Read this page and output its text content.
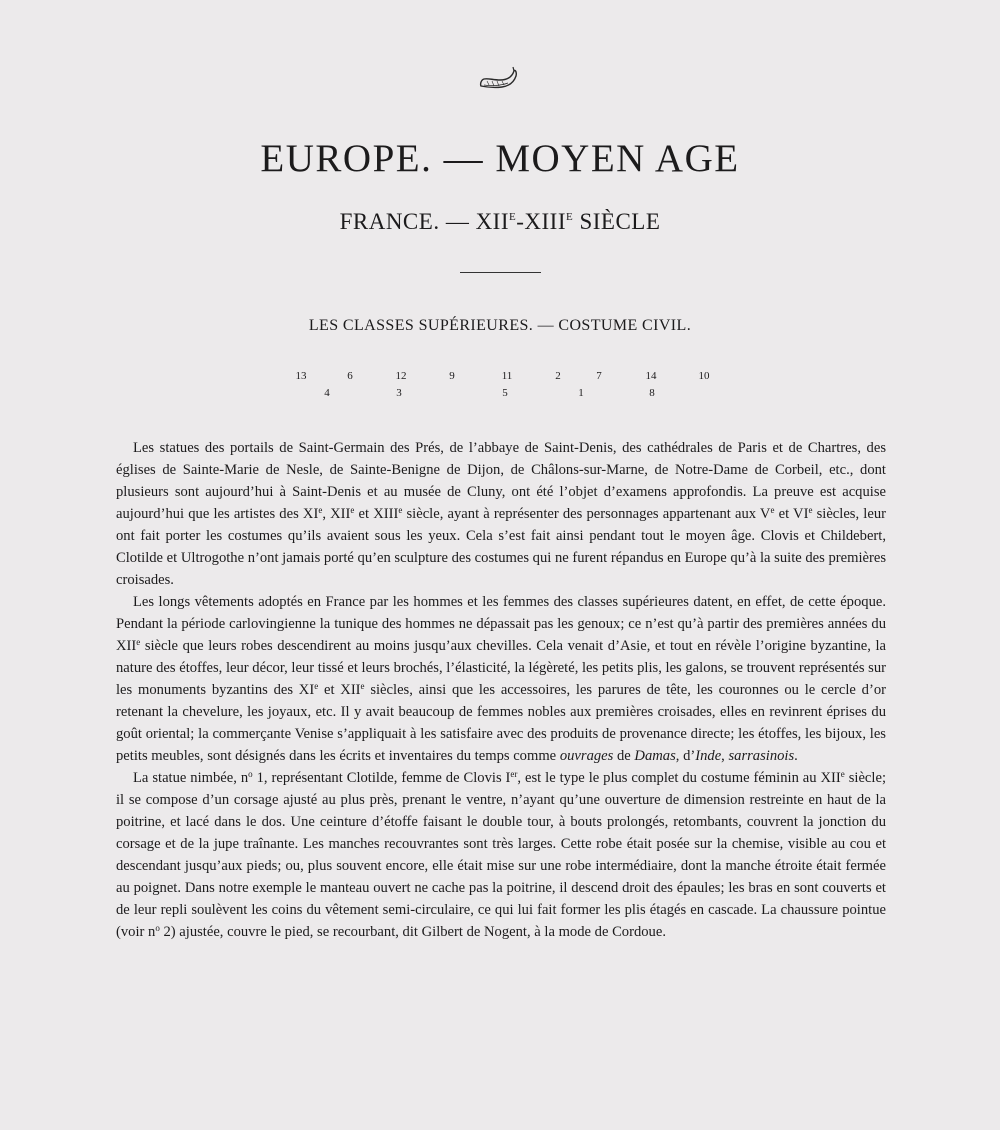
EUROPE. — MOYEN AGE
FRANCE. — $XII^E-XIII^E$ SIÈCLE
LES CLASSES SUPÉRIEURES. — COSTUME CIVIL.
13	6	12	9	11	2	7	14	10
4	3	5	1	8

Les statues des portails de Saint-Germain des Prés, de l’abbaye de Saint-Denis, des cathédrales de Paris et de Chartres, des églises de Sainte-Marie de Nesle, de Sainte-Benigne de Dijon, de Châlons-sur-Marne, de Notre-Dame de Corbeil, etc., dont plusieurs sont aujourd’hui à Saint-Denis et au musée de Cluny, ont été l’objet d’examens approfondis. La preuve est acquise aujourd’hui que les artistes des XIe, XIIe et XIIIe siècle, ayant à représenter des personnages appartenant aux Ve et VIe siècles, leur ont fait porter les costumes qu’ils avaient sous les yeux. Cela s’est fait ainsi pendant tout le moyen âge. Clovis et Childebert, Clotilde et Ultrogothe n’ont jamais porté qu’en sculpture des costumes qui ne furent répandus en Europe qu’à la suite des premières croisades.

Les longs vêtements adoptés en France par les hommes et les femmes des classes supérieures datent, en effet, de cette époque. Pendant la période carlovingienne la tunique des hommes ne dépassait pas les genoux; ce n’est qu’à partir des premières années du XIIe siècle que leurs robes descendirent au moins jusqu’aux chevilles. Cela venait d’Asie, et tout en révèle l’origine byzantine, la nature des étoffes, leur décor, leur tissé et leurs brochés, l’élasticité, la légèreté, les petits plis, les galons, se trouvent représentés sur les monuments byzantins des XIe et XIIe siècles, ainsi que les accessoires, les parures de tête, les couronnes ou le cercle d’or retenant la chevelure, les joyaux, etc. Il y avait beaucoup de femmes nobles aux premières croisades, elles en revinrent éprises du goût oriental; la commerçante Venise s’appliquait à les satisfaire avec des produits de provenance directe; les étoffes, les bijoux, les petits meubles, sont désignés dans les écrits et inventaires du temps comme ouvrages de Damas, d’Inde, sarrasinois.

La statue nimbée, $n^o$ 1, représentant Clotilde, femme de Clovis Ier, est le type le plus complet du costume féminin au XIIe siècle; il se compose d’un corsage ajusté au plus près, prenant le ventre, n’ayant qu’une ouverture de dimension restreinte en haut de la poitrine, et lacé dans le dos. Une ceinture d’étoffe faisant le double tour, à bouts prolongés, retombants, couvrent la jonction du corsage et de la jupe traînante. Les manches recouvrantes sont très larges. Cette robe était posée sur la chemise, visible au cou et descendant jusqu’aux pieds; ou, plus souvent encore, elle était mise sur une robe intermédiaire, dont la manche étroite était fermée au poignet. Dans notre exemple le manteau ouvert ne cache pas la poitrine, il descend droit des épaules; les bras en sont couverts et de leur repli soulèvent les coins du vêtement semi-circulaire, ce qui lui fait former les plis étagés en cascade. La chaussure pointue (voir $n^o$ 2) ajustée, couvre le pied, se recourbant, dit Gilbert de Nogent, à la mode de Cordoue.
